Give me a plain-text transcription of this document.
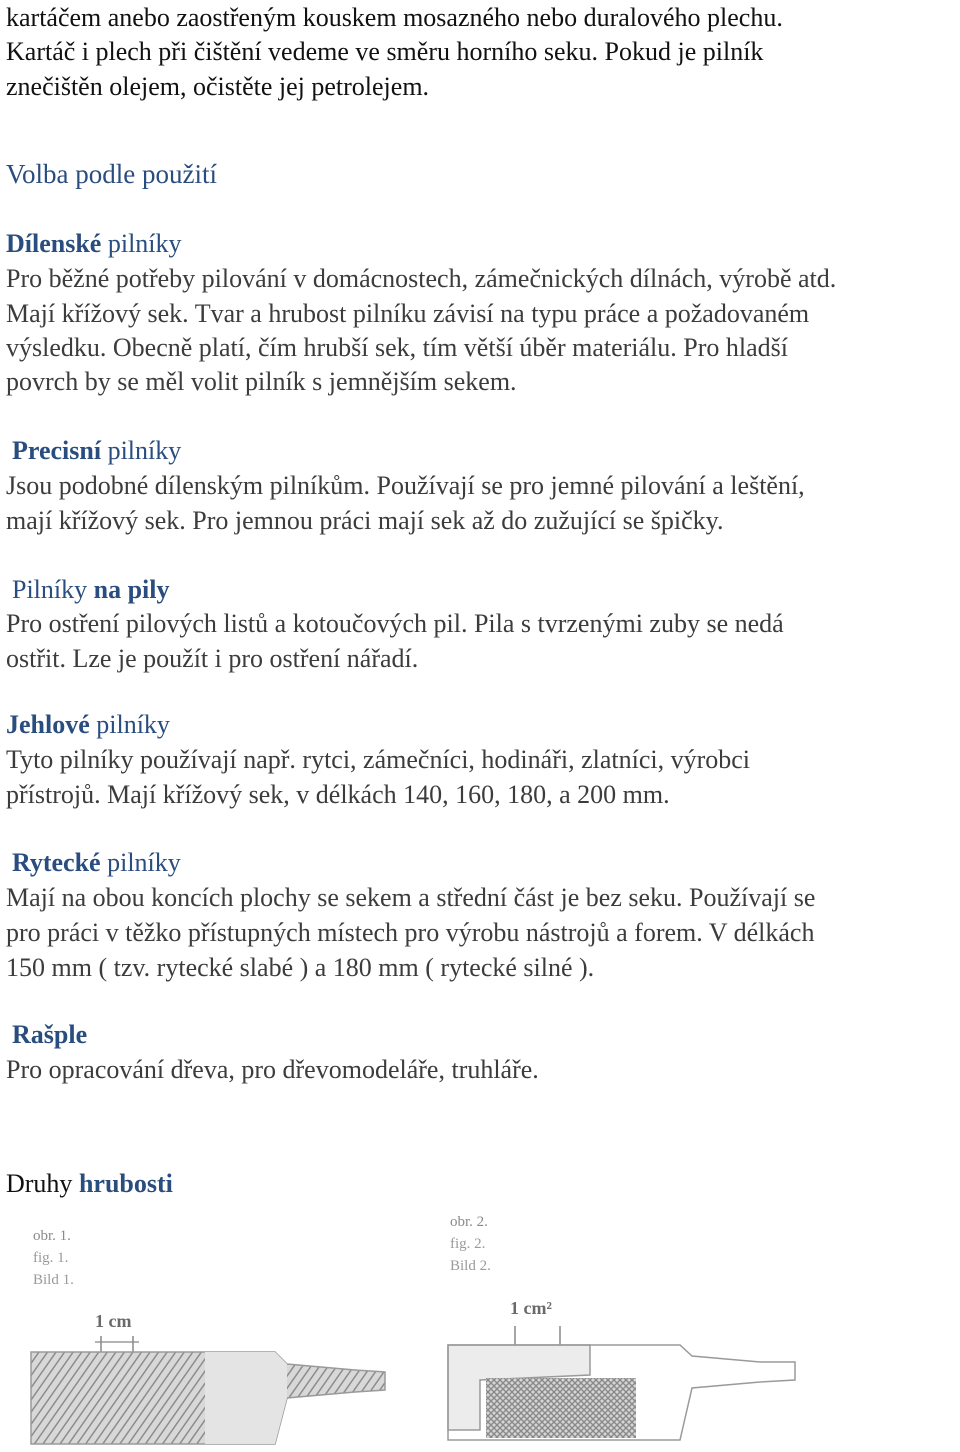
kartáčem anebo zaostřeným kouskem mosazného nebo duralového plechu.

Kartáč i plech při čištění vedeme ve směru horního seku. Pokud je pilník

znečištěn olejem, očistěte jej petrolejem.

Volba podle použití

Dílenské pilníky

Pro běžné potřeby pilování v domácnostech, zámečnických dílnách, výrobě atd.

Mají křížový sek. Tvar a hrubost pilníku závisí na typu práce a požadovaném

výsledku. Obecně platí, čím hrubší sek, tím větší úběr materiálu. Pro hladší

povrch by se měl volit pilník s jemnějším sekem.

Precisní pilníky

Jsou podobné dílenským pilníkům. Používají se pro jemné pilování a leštění,

mají křížový sek. Pro jemnou práci mají sek až do zužující se špičky.

Pilníky na pily

Pro ostření pilových listů a kotoučových pil. Pila s tvrzenými zuby se nedá

ostřit. Lze je použít i pro ostření nářadí.

Jehlové pilníky

Tyto pilníky používají např. rytci, zámečníci, hodináři, zlatníci, výrobci

přístrojů. Mají křížový sek, v délkách 140, 160, 180, a 200 mm.

Rytecké pilníky

Mají na obou koncích plochy se sekem a střední část je bez seku. Používají se

pro práci v těžko přístupných místech pro výrobu nástrojů a forem. V délkách

150 mm ( tzv. rytecké slabé ) a 180 mm ( rytecké silné ).

Rašple

Pro opracování dřeva, pro dřevomodeláře, truhláře.

Druhy hrubosti

obr. 1.
fig. 1.
Bild 1.
1 cm
obr. 2.
fig. 2.
Bild 2.
1 cm²
